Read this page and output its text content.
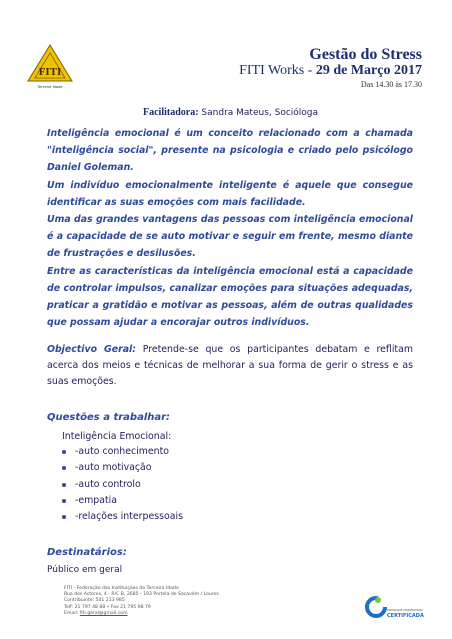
FITI
Terceira Idade
Gestão do Stress
FITI Works - 29 de Março 2017
Das 14.30 às 17.30
Facilitadora: Sandra Mateus, Socióloga

Inteligência emocional é um conceito relacionado com a chamada "inteligência social", presente na psicologia e criado pelo psicólogo Daniel Goleman.

Um indivíduo emocionalmente inteligente é aquele que consegue identificar as suas emoções com mais facilidade.

Uma das grandes vantagens das pessoas com inteligência emocional é a capacidade de se auto motivar e seguir em frente, mesmo diante de frustrações e desilusões.

Entre as características da inteligência emocional está a capacidade de controlar impulsos, canalizar emoções para situações adequadas, praticar a gratidão e motivar as pessoas, além de outras qualidades que possam ajudar a encorajar outros indivíduos.

Objectivo Geral: Pretende-se que os participantes debatam e reflitam acerca dos meios e técnicas de melhorar a sua forma de gerir o stress e as suas emoções.
Questões a trabalhar:
Inteligência Emocional:
-auto conhecimento
-auto motivação
-auto controlo
-empatia
-relações interpessoais
Destinatários:
Público em geral
FITI - Federação das Instituições da Terceira Idade
Rua dos Actores, 4 - R/C B, 2685 - 193 Portela de Sacavém / Loures
Contribuinte: 501 213 985
Telf: 21 797 48 88 • Fax 21 795 98 79
Email: fiti.geral@gmail.com
ENTIDADE FORMADORA
CERTIFICADA
